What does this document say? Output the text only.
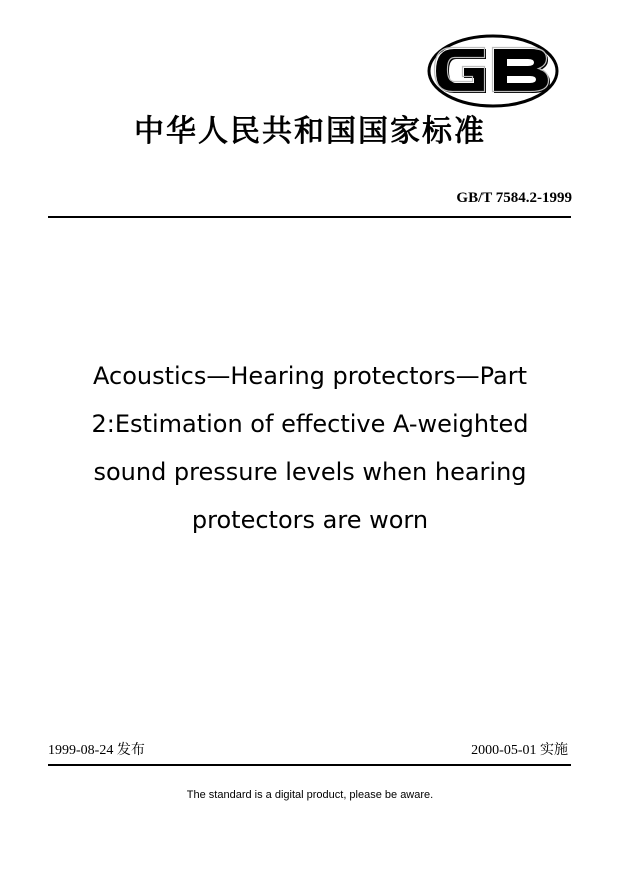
中华人民共和国国家标准
GB/T 7584.2-1999
Acoustics—Hearing protectors—Part
2:Estimation of effective A-weighted
sound pressure levels when hearing
protectors are worn
1999-08-24 发布	2000-05-01 实施
The standard is a digital product, please be aware.
